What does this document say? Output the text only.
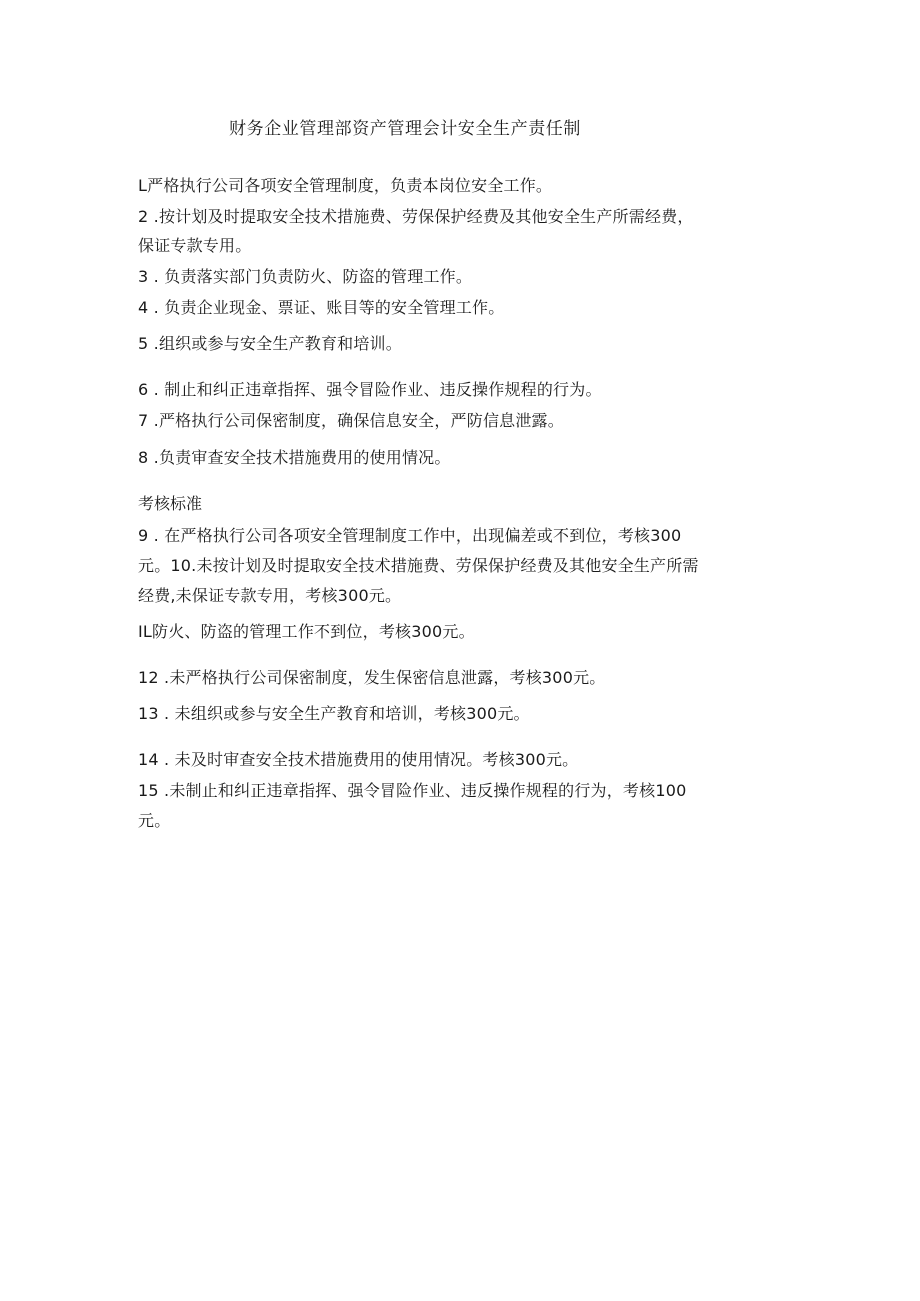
财务企业管理部资产管理会计安全生产责任制
L严格执行公司各项安全管理制度，负责本岗位安全工作。
2 .按计划及时提取安全技术措施费、劳保保护经费及其他安全生产所需经费，
保证专款专用。
3 . 负责落实部门负责防火、防盗的管理工作。
4 . 负责企业现金、票证、账目等的安全管理工作。
5 .组织或参与安全生产教育和培训。
6 . 制止和纠正违章指挥、强令冒险作业、违反操作规程的行为。
7 .严格执行公司保密制度，确保信息安全，严防信息泄露。
8 .负责审查安全技术措施费用的使用情况。
考核标准
9 . 在严格执行公司各项安全管理制度工作中，出现偏差或不到位，考核300
元。10.未按计划及时提取安全技术措施费、劳保保护经费及其他安全生产所需
经费,未保证专款专用，考核300元。
IL防火、防盗的管理工作不到位，考核300元。
12 .未严格执行公司保密制度，发生保密信息泄露，考核300元。
13 . 未组织或参与安全生产教育和培训，考核300元。
14 . 未及时审查安全技术措施费用的使用情况。考核300元。
15 .未制止和纠正违章指挥、强令冒险作业、违反操作规程的行为，考核100
元。
